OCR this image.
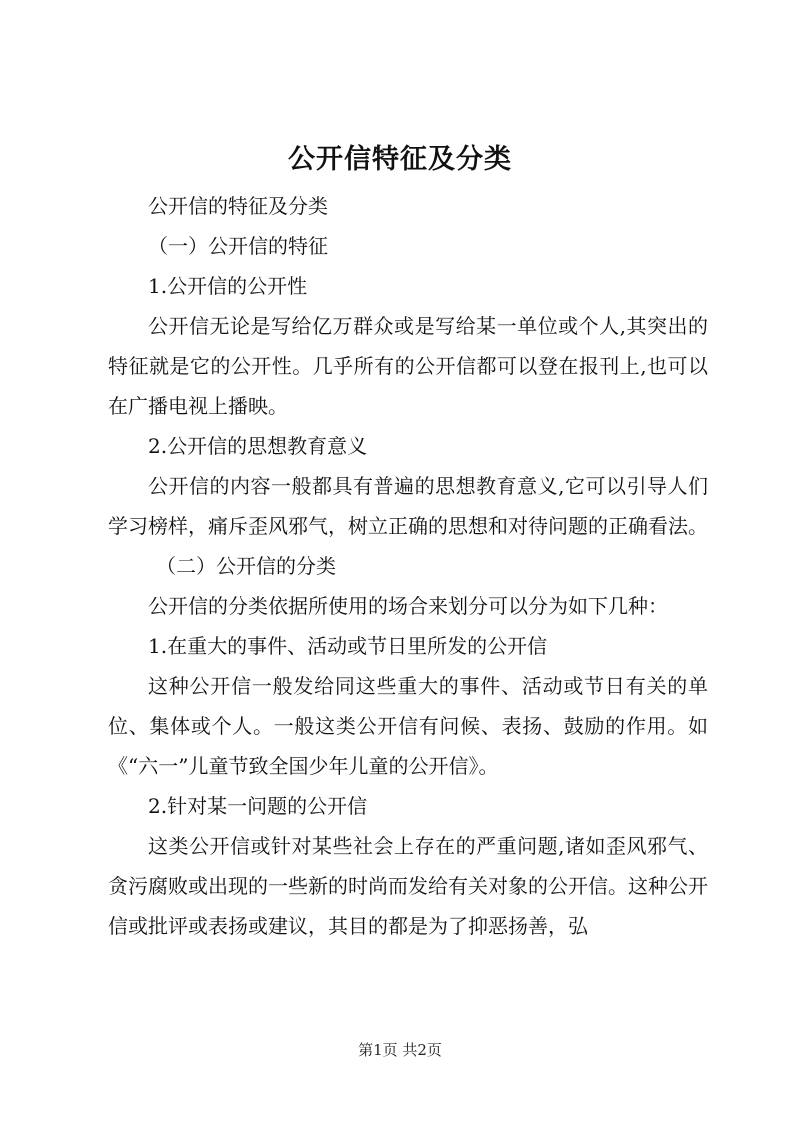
公开信特征及分类

公开信的特征及分类

（一）公开信的特征

1.公开信的公开性

公开信无论是写给亿万群众或是写给某一单位或个人,其突出的特征就是它的公开性。几乎所有的公开信都可以登在报刊上,也可以在广播电视上播映。

2.公开信的思想教育意义

公开信的内容一般都具有普遍的思想教育意义,它可以引导人们学习榜样，痛斥歪风邪气，树立正确的思想和对待问题的正确看法。

（二）公开信的分类

公开信的分类依据所使用的场合来划分可以分为如下几种：

1.在重大的事件、活动或节日里所发的公开信

这种公开信一般发给同这些重大的事件、活动或节日有关的单位、集体或个人。一般这类公开信有问候、表扬、鼓励的作用。如《“六一”儿童节致全国少年儿童的公开信》。

2.针对某一问题的公开信

这类公开信或针对某些社会上存在的严重问题,诸如歪风邪气、贪污腐败或出现的一些新的时尚而发给有关对象的公开信。这种公开信或批评或表扬或建议，其目的都是为了抑恶扬善，弘

第1页 共2页
